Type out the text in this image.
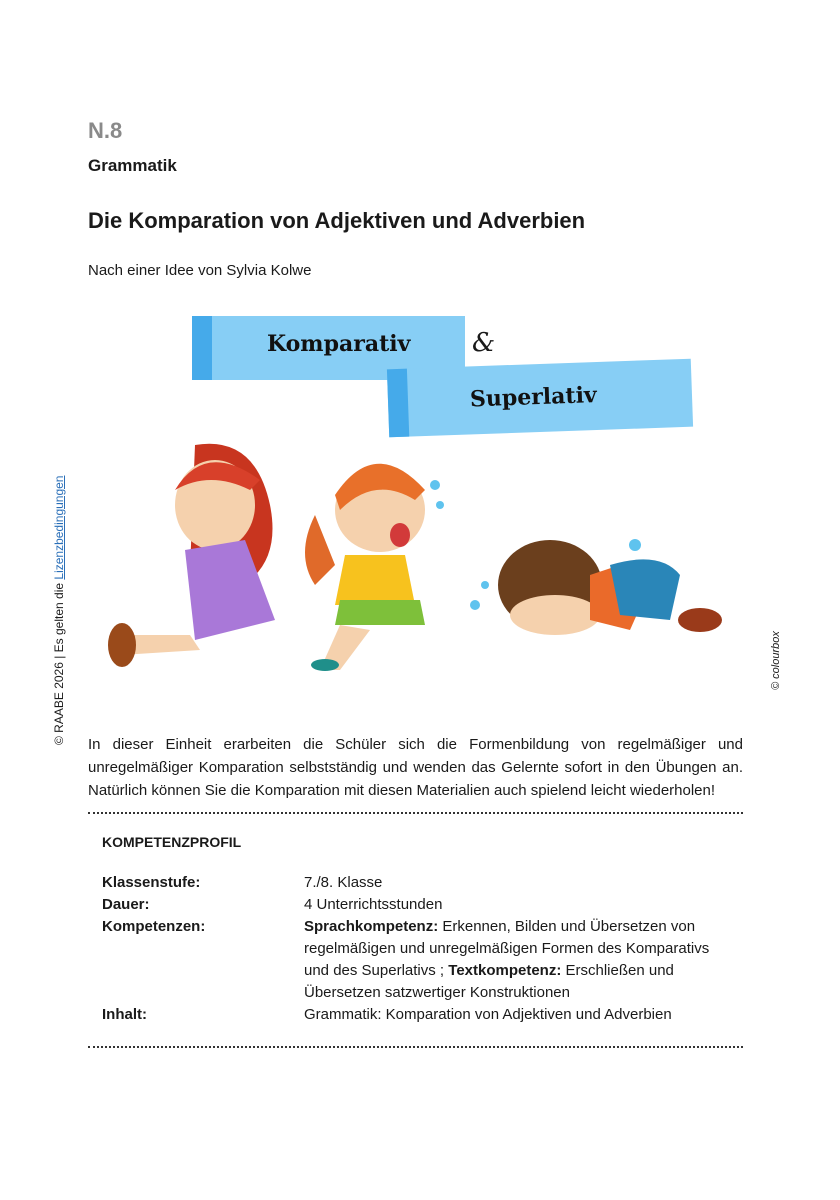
N.8
Grammatik
Die Komparation von Adjektiven und Adverbien
Nach einer Idee von Sylvia Kolwe
© RAABE 2026 | Es gelten die Lizenzbedingungen
Komparativ &
Superlativ
© colourbox

In dieser Einheit erarbeiten die Schüler sich die Formenbildung von regelmäßiger und unregelmäßiger Komparation selbstständig und wenden das Gelernte sofort in den Übungen an. Natürlich können Sie die Komparation mit diesen Materialien auch spielend leicht wiederholen!

KOMPETENZPROFIL
Klassenstufe:	7./8. Klasse
Dauer:	4 Unterrichtsstunden
Kompetenzen:	Sprachkompetenz: Erkennen, Bilden und Übersetzen von regelmäßigen und unregelmäßigen Formen des Komparativs und des Superlativs ; Textkompetenz: Erschließen und Übersetzen satzwertiger Konstruktionen
Inhalt:	Grammatik: Komparation von Adjektiven und Adverbien
